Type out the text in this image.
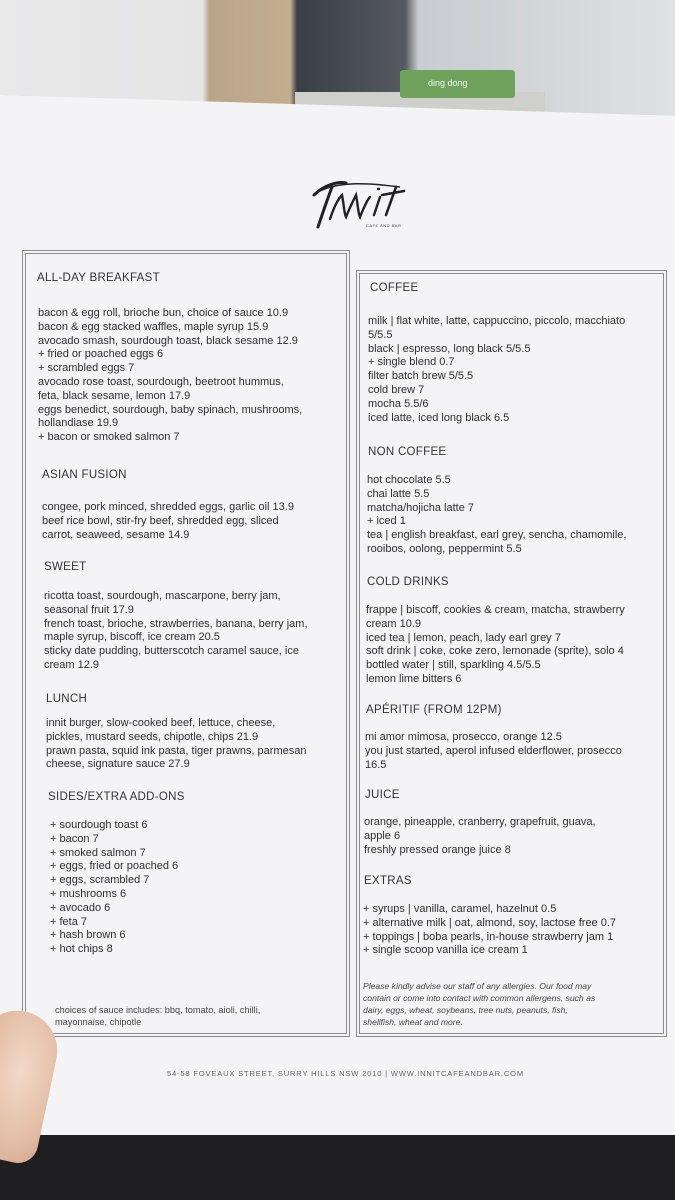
ding dong
CAFE AND BAR
ALL-DAY BREAKFAST
bacon & egg roll, brioche bun, choice of sauce 10.9
bacon & egg stacked waffles, maple syrup 15.9
avocado smash, sourdough toast, black sesame 12.9
+ fried or poached eggs 6
+ scrambled eggs 7
avocado rose toast, sourdough, beetroot hummus,
feta, black sesame, lemon 17.9
eggs benedict, sourdough, baby spinach, mushrooms,
hollandiase 19.9
+ bacon or smoked salmon 7
ASIAN FUSION
congee, pork minced, shredded eggs, garlic oil 13.9
beef rice bowl, stir-fry beef, shredded egg, sliced
carrot, seaweed, sesame 14.9
SWEET
ricotta toast, sourdough, mascarpone, berry jam,
seasonal fruit 17.9
french toast, brioche, strawberries, banana, berry jam,
maple syrup, biscoff, ice cream 20.5
sticky date pudding, butterscotch caramel sauce, ice
cream 12.9
LUNCH
innit burger, slow-cooked beef, lettuce, cheese,
pickles, mustard seeds, chipotle, chips 21.9
prawn pasta, squid ink pasta, tiger prawns, parmesan
cheese, signature sauce 27.9
SIDES/EXTRA ADD-ONS
+ sourdough toast 6
+ bacon 7
+ smoked salmon 7
+ eggs, fried or poached 6
+ eggs, scrambled 7
+ mushrooms 6
+ avocado 6
+ feta 7
+ hash brown 6
+ hot chips 8
choices of sauce includes: bbq, tomato, aioli, chilli,
mayonnaise, chipotle
COFFEE
milk | flat white, latte, cappuccino, piccolo, macchiato
5/5.5
black | espresso, long black 5/5.5
+ single blend 0.7
filter batch brew 5/5.5
cold brew 7
mocha 5.5/6
iced latte, iced long black 6.5
NON COFFEE
hot chocolate 5.5
chai latte 5.5
matcha/hojicha latte 7
+ iced 1
tea | english breakfast, earl grey, sencha, chamomile,
rooibos, oolong, peppermint 5.5
COLD DRINKS
frappe | biscoff, cookies & cream, matcha, strawberry
cream 10.9
iced tea | lemon, peach, lady earl grey 7
soft drink | coke, coke zero, lemonade (sprite), solo 4
bottled water | still, sparkling 4.5/5.5
lemon lime bitters 6
APÉRITIF (FROM 12PM)
mi amor mimosa, prosecco, orange 12.5
you just started, aperol infused elderflower, prosecco
16.5
JUICE
orange, pineapple, cranberry, grapefruit, guava,
apple 6
freshly pressed orange juice 8
EXTRAS
+ syrups | vanilla, caramel, hazelnut 0.5
+ alternative milk | oat, almond, soy, lactose free 0.7
+ toppings | boba pearls, in-house strawberry jam 1
+ single scoop vanilla ice cream 1
Please kindly advise our staff of any allergies. Our food may
contain or come into contact with common allergens, such as
dairy, eggs, wheat, soybeans, tree nuts, peanuts, fish,
shellfish, wheat and more.
54-58 FOVEAUX STREET, SURRY HILLS NSW 2010 | WWW.INNITCAFEANDBAR.COM
